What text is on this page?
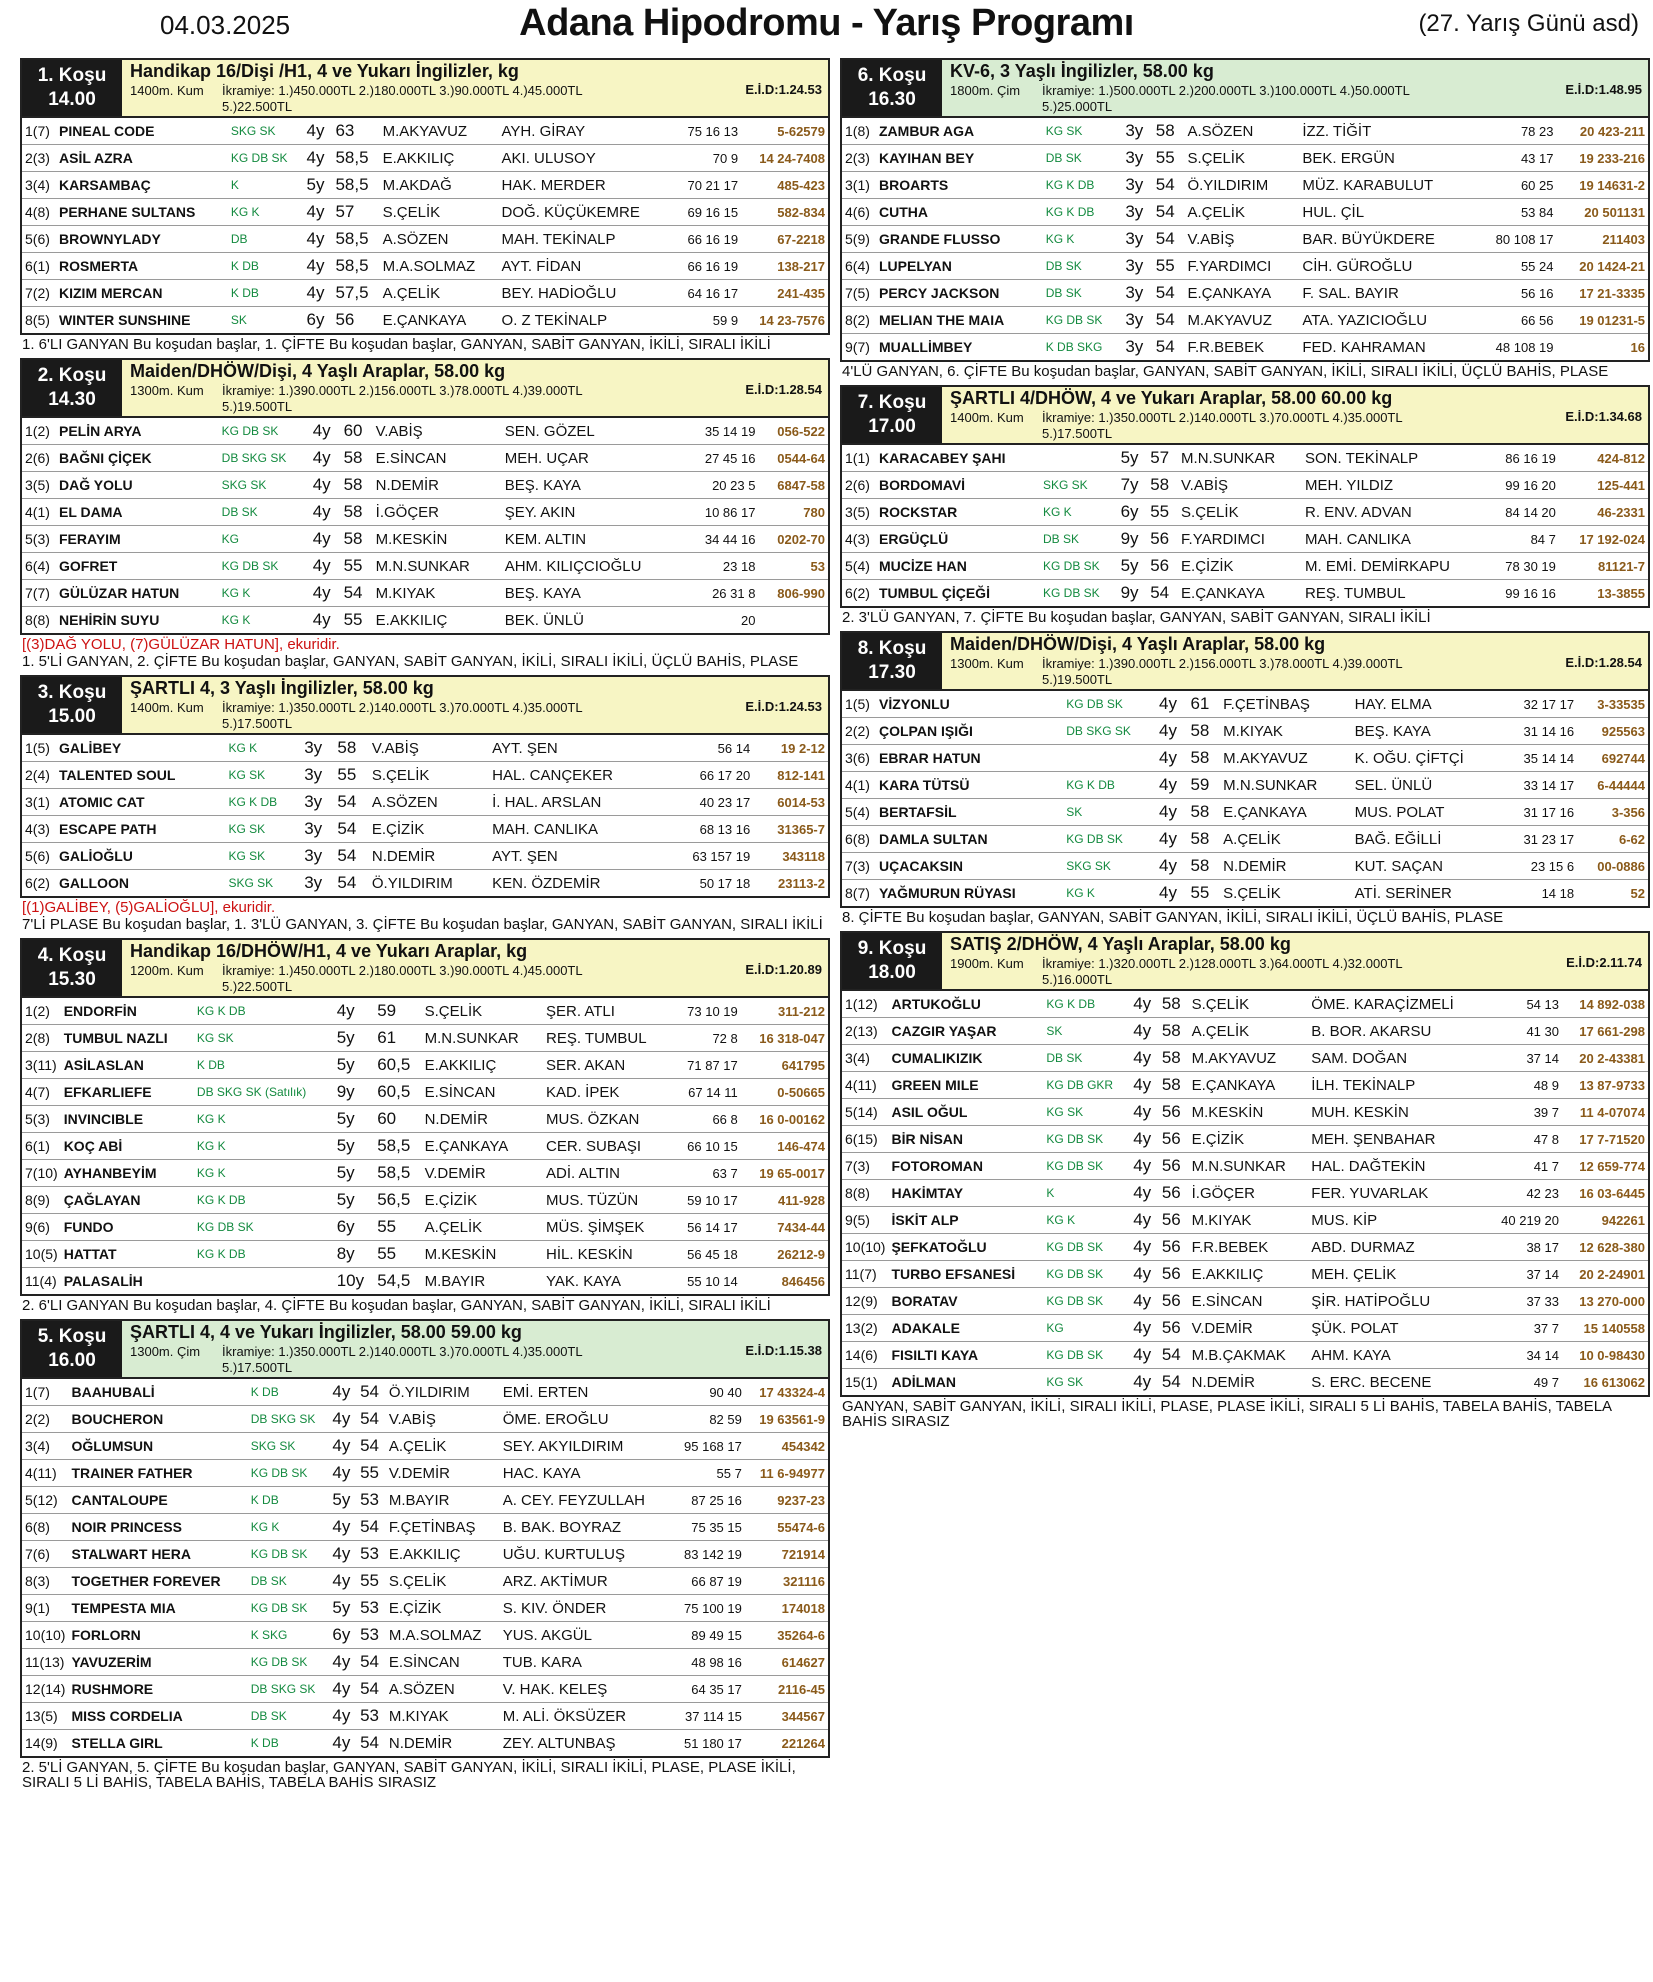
04.03.2025	Adana Hipodromu - Yarış Programı	(27. Yarış Günü asd)
1. Koşu
14.00
Handikap 16/Dişi /H1, 4 ve Yukarı İngilizler, kg
1400m. Kum	İkramiye: 1.)450.000TL 2.)180.000TL 3.)90.000TL 4.)45.000TL	E.İ.D:1.24.53
5.)22.500TL
1(7)	PINEAL CODE	SKG SK	4y	63	M.AKYAVUZ	AYH. GİRAY	75 16 13	5-62579
2(3)	ASİL AZRA	KG DB SK	4y	58,5	E.AKKILIÇ	AKI. ULUSOY	70 9	14 24-7408
3(4)	KARSAMBAÇ	K	5y	58,5	M.AKDAĞ	HAK. MERDER	70 21 17	485-423
4(8)	PERHANE SULTANS	KG K	4y	57	S.ÇELİK	DOĞ. KÜÇÜKEMRE	69 16 15	582-834
5(6)	BROWNYLADY	DB	4y	58,5	A.SÖZEN	MAH. TEKİNALP	66 16 19	67-2218
6(1)	ROSMERTA	K DB	4y	58,5	M.A.SOLMAZ	AYT. FİDAN	66 16 19	138-217
7(2)	KIZIM MERCAN	K DB	4y	57,5	A.ÇELİK	BEY. HADİOĞLU	64 16 17	241-435
8(5)	WINTER SUNSHINE	SK	6y	56	E.ÇANKAYA	O. Z TEKİNALP	59 9	14 23-7576
1. 6'LI GANYAN Bu koşudan başlar, 1. ÇİFTE Bu koşudan başlar, GANYAN, SABİT GANYAN, İKİLİ, SIRALI İKİLİ
2. Koşu
14.30
Maiden/DHÖW/Dişi, 4 Yaşlı Araplar, 58.00 kg
1300m. Kum	İkramiye: 1.)390.000TL 2.)156.000TL 3.)78.000TL 4.)39.000TL	E.İ.D:1.28.54
5.)19.500TL
1(2)	PELİN ARYA	KG DB SK	4y	60	V.ABİŞ	SEN. GÖZEL	35 14 19	056-522
2(6)	BAĞNI ÇİÇEK	DB SKG SK	4y	58	E.SİNCAN	MEH. UÇAR	27 45 16	0544-64
3(5)	DAĞ YOLU	SKG SK	4y	58	N.DEMİR	BEŞ. KAYA	20 23 5	6847-58
4(1)	EL DAMA	DB SK	4y	58	İ.GÖÇER	ŞEY. AKIN	10 86 17	780
5(3)	FERAYIM	KG	4y	58	M.KESKİN	KEM. ALTIN	34 44 16	0202-70
6(4)	GOFRET	KG DB SK	4y	55	M.N.SUNKAR	AHM. KILIÇCIOĞLU	23 18	53
7(7)	GÜLÜZAR HATUN	KG K	4y	54	M.KIYAK	BEŞ. KAYA	26 31 8	806-990
8(8)	NEHİRİN SUYU	KG K	4y	55	E.AKKILIÇ	BEK. ÜNLÜ	20	
[(3)DAĞ YOLU, (7)GÜLÜZAR HATUN], ekuridir.
1. 5'Lİ GANYAN, 2. ÇİFTE Bu koşudan başlar, GANYAN, SABİT GANYAN, İKİLİ, SIRALI İKİLİ, ÜÇLÜ BAHİS, PLASE
3. Koşu
15.00
ŞARTLI 4, 3 Yaşlı İngilizler, 58.00 kg
1400m. Kum	İkramiye: 1.)350.000TL 2.)140.000TL 3.)70.000TL 4.)35.000TL	E.İ.D:1.24.53
5.)17.500TL
1(5)	GALİBEY	KG K	3y	58	V.ABİŞ	AYT. ŞEN	56 14	19 2-12
2(4)	TALENTED SOUL	KG SK	3y	55	S.ÇELİK	HAL. CANÇEKER	66 17 20	812-141
3(1)	ATOMIC CAT	KG K DB	3y	54	A.SÖZEN	İ. HAL. ARSLAN	40 23 17	6014-53
4(3)	ESCAPE PATH	KG SK	3y	54	E.ÇİZİK	MAH. CANLIKA	68 13 16	31365-7
5(6)	GALİOĞLU	KG SK	3y	54	N.DEMİR	AYT. ŞEN	63 157 19	343118
6(2)	GALLOON	SKG SK	3y	54	Ö.YILDIRIM	KEN. ÖZDEMİR	50 17 18	23113-2
[(1)GALİBEY, (5)GALİOĞLU], ekuridir.
7'Lİ PLASE Bu koşudan başlar, 1. 3'LÜ GANYAN, 3. ÇİFTE Bu koşudan başlar, GANYAN, SABİT GANYAN, SIRALI İKİLİ
4. Koşu
15.30
Handikap 16/DHÖW/H1, 4 ve Yukarı Araplar, kg
1200m. Kum	İkramiye: 1.)450.000TL 2.)180.000TL 3.)90.000TL 4.)45.000TL	E.İ.D:1.20.89
5.)22.500TL
1(2)	ENDORFİN	KG K DB	4y	59	S.ÇELİK	ŞER. ATLI	73 10 19	311-212
2(8)	TUMBUL NAZLI	KG SK	5y	61	M.N.SUNKAR	REŞ. TUMBUL	72 8	16 318-047
3(11)	ASİLASLAN	K DB	5y	60,5	E.AKKILIÇ	SER. AKAN	71 87 17	641795
4(7)	EFKARLIEFE	DB SKG SK (Satılık)	9y	60,5	E.SİNCAN	KAD. İPEK	67 14 11	0-50665
5(3)	INVINCIBLE	KG K	5y	60	N.DEMİR	MUS. ÖZKAN	66 8	16 0-00162
6(1)	KOÇ ABİ	KG K	5y	58,5	E.ÇANKAYA	CER. SUBAŞI	66 10 15	146-474
7(10)	AYHANBEYİM	KG K	5y	58,5	V.DEMİR	ADİ. ALTIN	63 7	19 65-0017
8(9)	ÇAĞLAYAN	KG K DB	5y	56,5	E.ÇİZİK	MUS. TÜZÜN	59 10 17	411-928
9(6)	FUNDO	KG DB SK	6y	55	A.ÇELİK	MÜS. ŞİMŞEK	56 14 17	7434-44
10(5)	HATTAT	KG K DB	8y	55	M.KESKİN	HİL. KESKİN	56 45 18	26212-9
11(4)	PALASALİH		10y	54,5	M.BAYIR	YAK. KAYA	55 10 14	846456
2. 6'LI GANYAN Bu koşudan başlar, 4. ÇİFTE Bu koşudan başlar, GANYAN, SABİT GANYAN, İKİLİ, SIRALI İKİLİ
5. Koşu
16.00
ŞARTLI 4, 4 ve Yukarı İngilizler, 58.00 59.00 kg
1300m. Çim	İkramiye: 1.)350.000TL 2.)140.000TL 3.)70.000TL 4.)35.000TL	E.İ.D:1.15.38
5.)17.500TL
1(7)	BAAHUBALİ	K DB	4y	54	Ö.YILDIRIM	EMİ. ERTEN	90 40	17 43324-4
2(2)	BOUCHERON	DB SKG SK	4y	54	V.ABİŞ	ÖME. EROĞLU	82 59	19 63561-9
3(4)	OĞLUMSUN	SKG SK	4y	54	A.ÇELİK	SEY. AKYILDIRIM	95 168 17	454342
4(11)	TRAINER FATHER	KG DB SK	4y	55	V.DEMİR	HAC. KAYA	55 7	11 6-94977
5(12)	CANTALOUPE	K DB	5y	53	M.BAYIR	A. CEY. FEYZULLAH	87 25 16	9237-23
6(8)	NOIR PRINCESS	KG K	4y	54	F.ÇETİNBAŞ	B. BAK. BOYRAZ	75 35 15	55474-6
7(6)	STALWART HERA	KG DB SK	4y	53	E.AKKILIÇ	UĞU. KURTULUŞ	83 142 19	721914
8(3)	TOGETHER FOREVER	DB SK	4y	55	S.ÇELİK	ARZ. AKTİMUR	66 87 19	321116
9(1)	TEMPESTA MIA	KG DB SK	5y	53	E.ÇİZİK	S. KIV. ÖNDER	75 100 19	174018
10(10)	FORLORN	K SKG	6y	53	M.A.SOLMAZ	YUS. AKGÜL	89 49 15	35264-6
11(13)	YAVUZERİM	KG DB SK	4y	54	E.SİNCAN	TUB. KARA	48 98 16	614627
12(14)	RUSHMORE	DB SKG SK	4y	54	A.SÖZEN	V. HAK. KELEŞ	64 35 17	2116-45
13(5)	MISS CORDELIA	DB SK	4y	53	M.KIYAK	M. ALİ. ÖKSÜZER	37 114 15	344567
14(9)	STELLA GIRL	K DB	4y	54	N.DEMİR	ZEY. ALTUNBAŞ	51 180 17	221264
2. 5'Lİ GANYAN, 5. ÇİFTE Bu koşudan başlar, GANYAN, SABİT GANYAN, İKİLİ, SIRALI İKİLİ, PLASE, PLASE İKİLİ, SIRALI 5 Lİ BAHİS, TABELA BAHİS, TABELA BAHİS SIRASIZ
6. Koşu
16.30
KV-6, 3 Yaşlı İngilizler, 58.00 kg
1800m. Çim	İkramiye: 1.)500.000TL 2.)200.000TL 3.)100.000TL 4.)50.000TL	E.İ.D:1.48.95
5.)25.000TL
1(8)	ZAMBUR AGA	KG SK	3y	58	A.SÖZEN	İZZ. TİĞİT	78 23	20 423-211
2(3)	KAYIHAN BEY	DB SK	3y	55	S.ÇELİK	BEK. ERGÜN	43 17	19 233-216
3(1)	BROARTS	KG K DB	3y	54	Ö.YILDIRIM	MÜZ. KARABULUT	60 25	19 14631-2
4(6)	CUTHA	KG K DB	3y	54	A.ÇELİK	HUL. ÇİL	53 84	20 501131
5(9)	GRANDE FLUSSO	KG K	3y	54	V.ABİŞ	BAR. BÜYÜKDERE	80 108 17	211403
6(4)	LUPELYAN	DB SK	3y	55	F.YARDIMCI	CİH. GÜROĞLU	55 24	20 1424-21
7(5)	PERCY JACKSON	DB SK	3y	54	E.ÇANKAYA	F. SAL. BAYIR	56 16	17 21-3335
8(2)	MELIAN THE MAIA	KG DB SK	3y	54	M.AKYAVUZ	ATA. YAZICIOĞLU	66 56	19 01231-5
9(7)	MUALLİMBEY	K DB SKG	3y	54	F.R.BEBEK	FED. KAHRAMAN	48 108 19	16
4'LÜ GANYAN, 6. ÇİFTE Bu koşudan başlar, GANYAN, SABİT GANYAN, İKİLİ, SIRALI İKİLİ, ÜÇLÜ BAHİS, PLASE
7. Koşu
17.00
ŞARTLI 4/DHÖW, 4 ve Yukarı Araplar, 58.00 60.00 kg
1400m. Kum	İkramiye: 1.)350.000TL 2.)140.000TL 3.)70.000TL 4.)35.000TL	E.İ.D:1.34.68
5.)17.500TL
1(1)	KARACABEY ŞAHI		5y	57	M.N.SUNKAR	SON. TEKİNALP	86 16 19	424-812
2(6)	BORDOMAVİ	SKG SK	7y	58	V.ABİŞ	MEH. YILDIZ	99 16 20	125-441
3(5)	ROCKSTAR	KG K	6y	55	S.ÇELİK	R. ENV. ADVAN	84 14 20	46-2331
4(3)	ERGÜÇLÜ	DB SK	9y	56	F.YARDIMCI	MAH. CANLIKA	84 7	17 192-024
5(4)	MUCİZE HAN	KG DB SK	5y	56	E.ÇİZİK	M. EMİ. DEMİRKAPU	78 30 19	81121-7
6(2)	TUMBUL ÇİÇEĞİ	KG DB SK	9y	54	E.ÇANKAYA	REŞ. TUMBUL	99 16 16	13-3855
2. 3'LÜ GANYAN, 7. ÇİFTE Bu koşudan başlar, GANYAN, SABİT GANYAN, SIRALI İKİLİ
8. Koşu
17.30
Maiden/DHÖW/Dişi, 4 Yaşlı Araplar, 58.00 kg
1300m. Kum	İkramiye: 1.)390.000TL 2.)156.000TL 3.)78.000TL 4.)39.000TL	E.İ.D:1.28.54
5.)19.500TL
1(5)	VİZYONLU	KG DB SK	4y	61	F.ÇETİNBAŞ	HAY. ELMA	32 17 17	3-33535
2(2)	ÇOLPAN IŞIĞI	DB SKG SK	4y	58	M.KIYAK	BEŞ. KAYA	31 14 16	925563
3(6)	EBRAR HATUN		4y	58	M.AKYAVUZ	K. OĞU. ÇİFTÇİ	35 14 14	692744
4(1)	KARA TÜTSÜ	KG K DB	4y	59	M.N.SUNKAR	SEL. ÜNLÜ	33 14 17	6-44444
5(4)	BERTAFSİL	SK	4y	58	E.ÇANKAYA	MUS. POLAT	31 17 16	3-356
6(8)	DAMLA SULTAN	KG DB SK	4y	58	A.ÇELİK	BAĞ. EĞİLLİ	31 23 17	6-62
7(3)	UÇACAKSIN	SKG SK	4y	58	N.DEMİR	KUT. SAÇAN	23 15 6	00-0886
8(7)	YAĞMURUN RÜYASI	KG K	4y	55	S.ÇELİK	ATİ. SERİNER	14 18	52
8. ÇİFTE Bu koşudan başlar, GANYAN, SABİT GANYAN, İKİLİ, SIRALI İKİLİ, ÜÇLÜ BAHİS, PLASE
9. Koşu
18.00
SATIŞ 2/DHÖW, 4 Yaşlı Araplar, 58.00 kg
1900m. Kum	İkramiye: 1.)320.000TL 2.)128.000TL 3.)64.000TL 4.)32.000TL	E.İ.D:2.11.74
5.)16.000TL
1(12)	ARTUKOĞLU	KG K DB	4y	58	S.ÇELİK	ÖME. KARAÇİZMELİ	54 13	14 892-038
2(13)	CAZGIR YAŞAR	SK	4y	58	A.ÇELİK	B. BOR. AKARSU	41 30	17 661-298
3(4)	CUMALIKIZIK	DB SK	4y	58	M.AKYAVUZ	SAM. DOĞAN	37 14	20 2-43381
4(11)	GREEN MILE	KG DB GKR	4y	58	E.ÇANKAYA	İLH. TEKİNALP	48 9	13 87-9733
5(14)	ASIL OĞUL	KG SK	4y	56	M.KESKİN	MUH. KESKİN	39 7	11 4-07074
6(15)	BİR NİSAN	KG DB SK	4y	56	E.ÇİZİK	MEH. ŞENBAHAR	47 8	17 7-71520
7(3)	FOTOROMAN	KG DB SK	4y	56	M.N.SUNKAR	HAL. DAĞTEKİN	41 7	12 659-774
8(8)	HAKİMTAY	K	4y	56	İ.GÖÇER	FER. YUVARLAK	42 23	16 03-6445
9(5)	İSKİT ALP	KG K	4y	56	M.KIYAK	MUS. KİP	40 219 20	942261
10(10)	ŞEFKATOĞLU	KG DB SK	4y	56	F.R.BEBEK	ABD. DURMAZ	38 17	12 628-380
11(7)	TURBO EFSANESİ	KG DB SK	4y	56	E.AKKILIÇ	MEH. ÇELİK	37 14	20 2-24901
12(9)	BORATAV	KG DB SK	4y	56	E.SİNCAN	ŞİR. HATİPOĞLU	37 33	13 270-000
13(2)	ADAKALE	KG	4y	56	V.DEMİR	ŞÜK. POLAT	37 7	15 140558
14(6)	FISILTI KAYA	KG DB SK	4y	54	M.B.ÇAKMAK	AHM. KAYA	34 14	10 0-98430
15(1)	ADİLMAN	KG SK	4y	54	N.DEMİR	S. ERC. BECENE	49 7	16 613062
GANYAN, SABİT GANYAN, İKİLİ, SIRALI İKİLİ, PLASE, PLASE İKİLİ, SIRALI 5 Lİ BAHİS, TABELA BAHİS, TABELA BAHİS SIRASIZ
